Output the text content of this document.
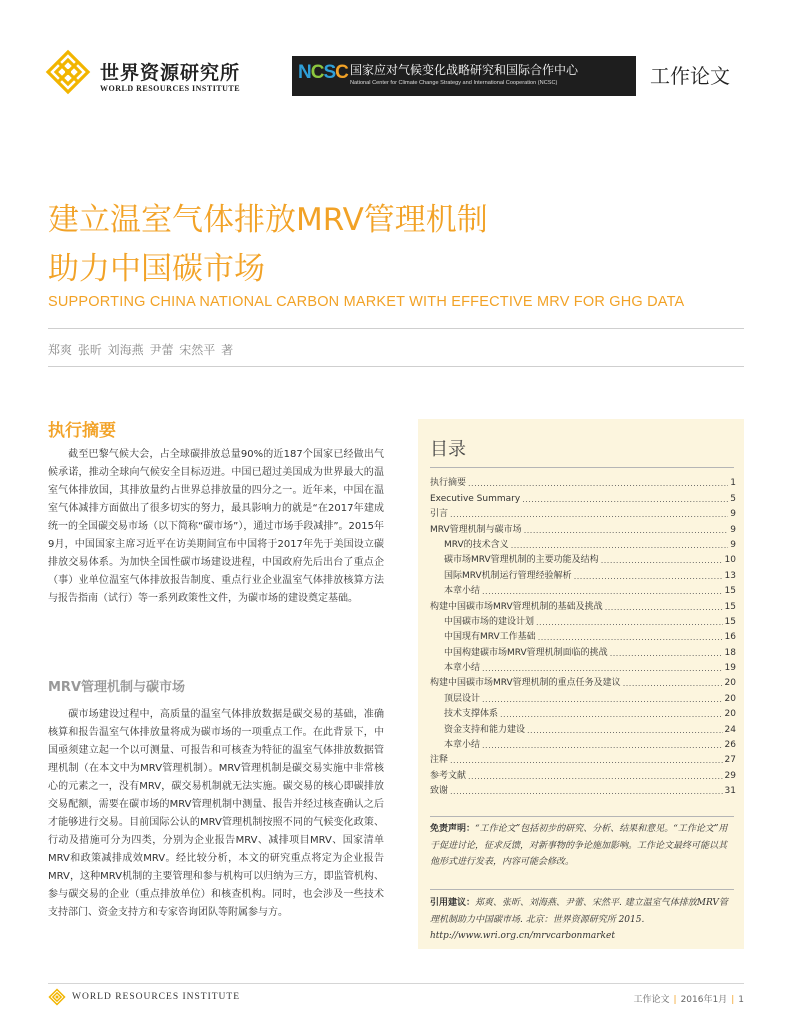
世界资源研究所
WORLD RESOURCES INSTITUTE
NCSC 国家应对气候变化战略研究和国际合作中心
National Center for Climate Change Strategy and International Cooperation (NCSC)	工作论文
建立温室气体排放MRV管理机制
助力中国碳市场
SUPPORTING CHINA NATIONAL CARBON MARKET WITH EFFECTIVE MRV FOR GHG DATA
郑爽 张昕 刘海燕 尹蕾 宋然平 著
执行摘要
截至巴黎气候大会，占全球碳排放总量90%的近187个国家已经做出气候承诺，推动全球向气候安全目标迈进。中国已超过美国成为世界最大的温室气体排放国，其排放量约占世界总排放量的四分之一。近年来，中国在温室气体减排方面做出了很多切实的努力，最具影响力的就是“在2017年建成统一的全国碳交易市场（以下简称“碳市场”），通过市场手段减排”。2015年9月，中国国家主席习近平在访美期间宣布中国将于2017年先于美国设立碳排放交易体系。为加快全国性碳市场建设进程，中国政府先后出台了重点企（事）业单位温室气体排放报告制度、重点行业企业温室气体排放核算方法与报告指南（试行）等一系列政策性文件，为碳市场的建设奠定基础。
MRV管理机制与碳市场
碳市场建设过程中，高质量的温室气体排放数据是碳交易的基础，准确核算和报告温室气体排放量将成为碳市场的一项重点工作。在此背景下，中国亟须建立起一个以可测量、可报告和可核查为特征的温室气体排放数据管理机制（在本文中为MRV管理机制）。MRV管理机制是碳交易实施中非常核心的元素之一，没有MRV，碳交易机制就无法实施。碳交易的核心即碳排放交易配额，需要在碳市场的MRV管理机制中测量、报告并经过核查确认之后才能够进行交易。目前国际公认的MRV管理机制按照不同的气候变化政策、行动及措施可分为四类，分别为企业报告MRV、减排项目MRV、国家清单MRV和政策减排成效MRV。经比较分析，本文的研究重点将定为企业报告MRV，这种MRV机制的主要管理和参与机构可以归纳为三方，即监管机构、参与碳交易的企业（重点排放单位）和核查机构。同时，也会涉及一些技术支持部门、资金支持方和专家咨询团队等附属参与方。
目录
执行摘要 .....	1
Executive Summary .....	5
引言 .....	9
MRV管理机制与碳市场 .....	9
MRV的技术含义 .....	9
碳市场MRV管理机制的主要功能及结构 .....	10
国际MRV机制运行管理经验解析 .....	13
本章小结 .....	15
构建中国碳市场MRV管理机制的基础及挑战 .....	15
中国碳市场的建设计划 .....	15
中国现有MRV工作基础 .....	16
中国构建碳市场MRV管理机制面临的挑战 .....	18
本章小结 .....	19
构建中国碳市场MRV管理机制的重点任务及建议 .....	20
顶层设计 .....	20
技术支撑体系 .....	20
资金支持和能力建设 .....	24
本章小结 .....	26
注释 .....	27
参考文献 .....	29
致谢 .....	31
免责声明：“工作论文”包括初步的研究、分析、结果和意见。“工作论文”用于促进讨论，征求反馈，对新事物的争论施加影响。工作论文最终可能以其他形式进行发表，内容可能会修改。
引用建议：郑爽、张昕、刘海燕、尹蕾、宋然平. 建立温室气体排放MRV管理机制助力中国碳市场. 北京：世界资源研究所 2015. http://www.wri.org.cn/mrvcarbonmarket
WORLD RESOURCES INSTITUTE	工作论文 | 2016年1月 | 1
